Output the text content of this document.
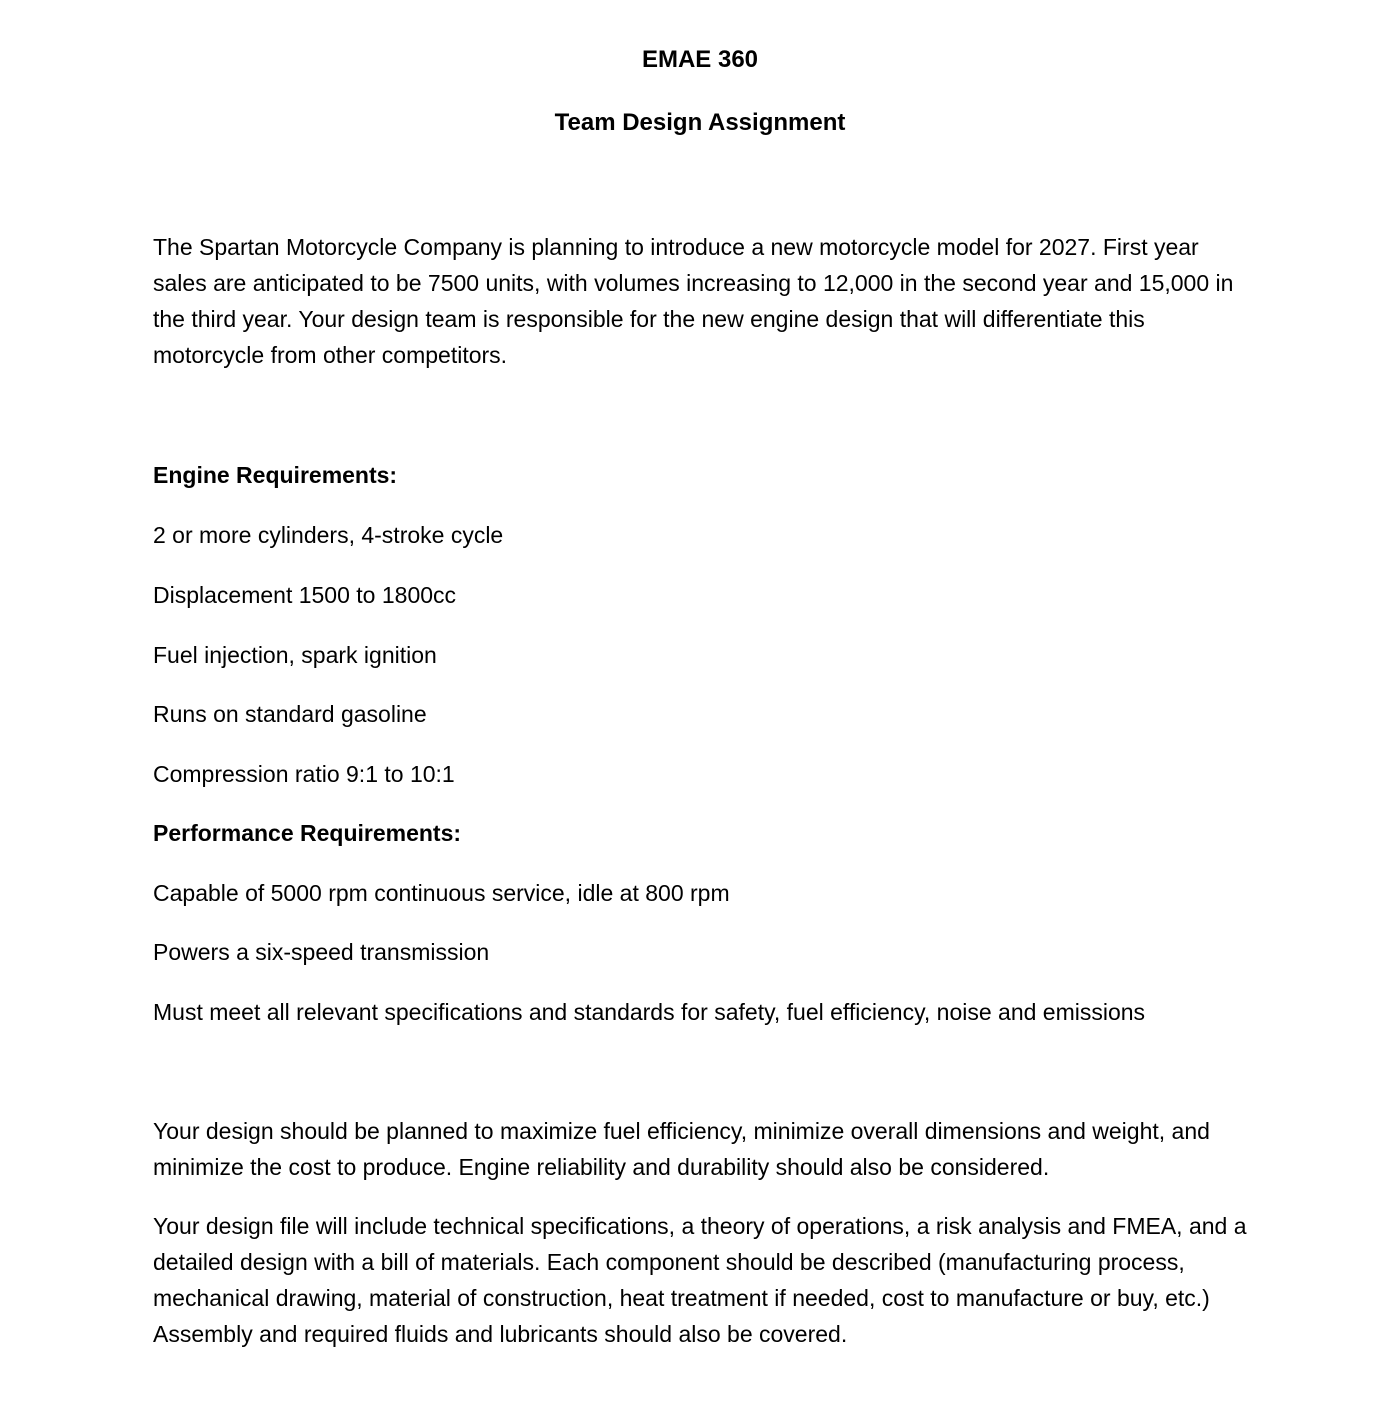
EMAE 360
Team Design Assignment
The Spartan Motorcycle Company is planning to introduce a new motorcycle model for 2027. First year sales are anticipated to be 7500 units, with volumes increasing to 12,000 in the second year and 15,000 in the third year. Your design team is responsible for the new engine design that will differentiate this motorcycle from other competitors.
Engine Requirements:
2 or more cylinders, 4-stroke cycle
Displacement 1500 to 1800cc
Fuel injection, spark ignition
Runs on standard gasoline
Compression ratio 9:1 to 10:1
Performance Requirements:
Capable of 5000 rpm continuous service, idle at 800 rpm
Powers a six-speed transmission
Must meet all relevant specifications and standards for safety, fuel efficiency, noise and emissions
Your design should be planned to maximize fuel efficiency, minimize overall dimensions and weight, and minimize the cost to produce. Engine reliability and durability should also be considered.
Your design file will include technical specifications, a theory of operations, a risk analysis and FMEA, and a detailed design with a bill of materials. Each component should be described (manufacturing process, mechanical drawing, material of construction, heat treatment if needed, cost to manufacture or buy, etc.) Assembly and required fluids and lubricants should also be covered.
